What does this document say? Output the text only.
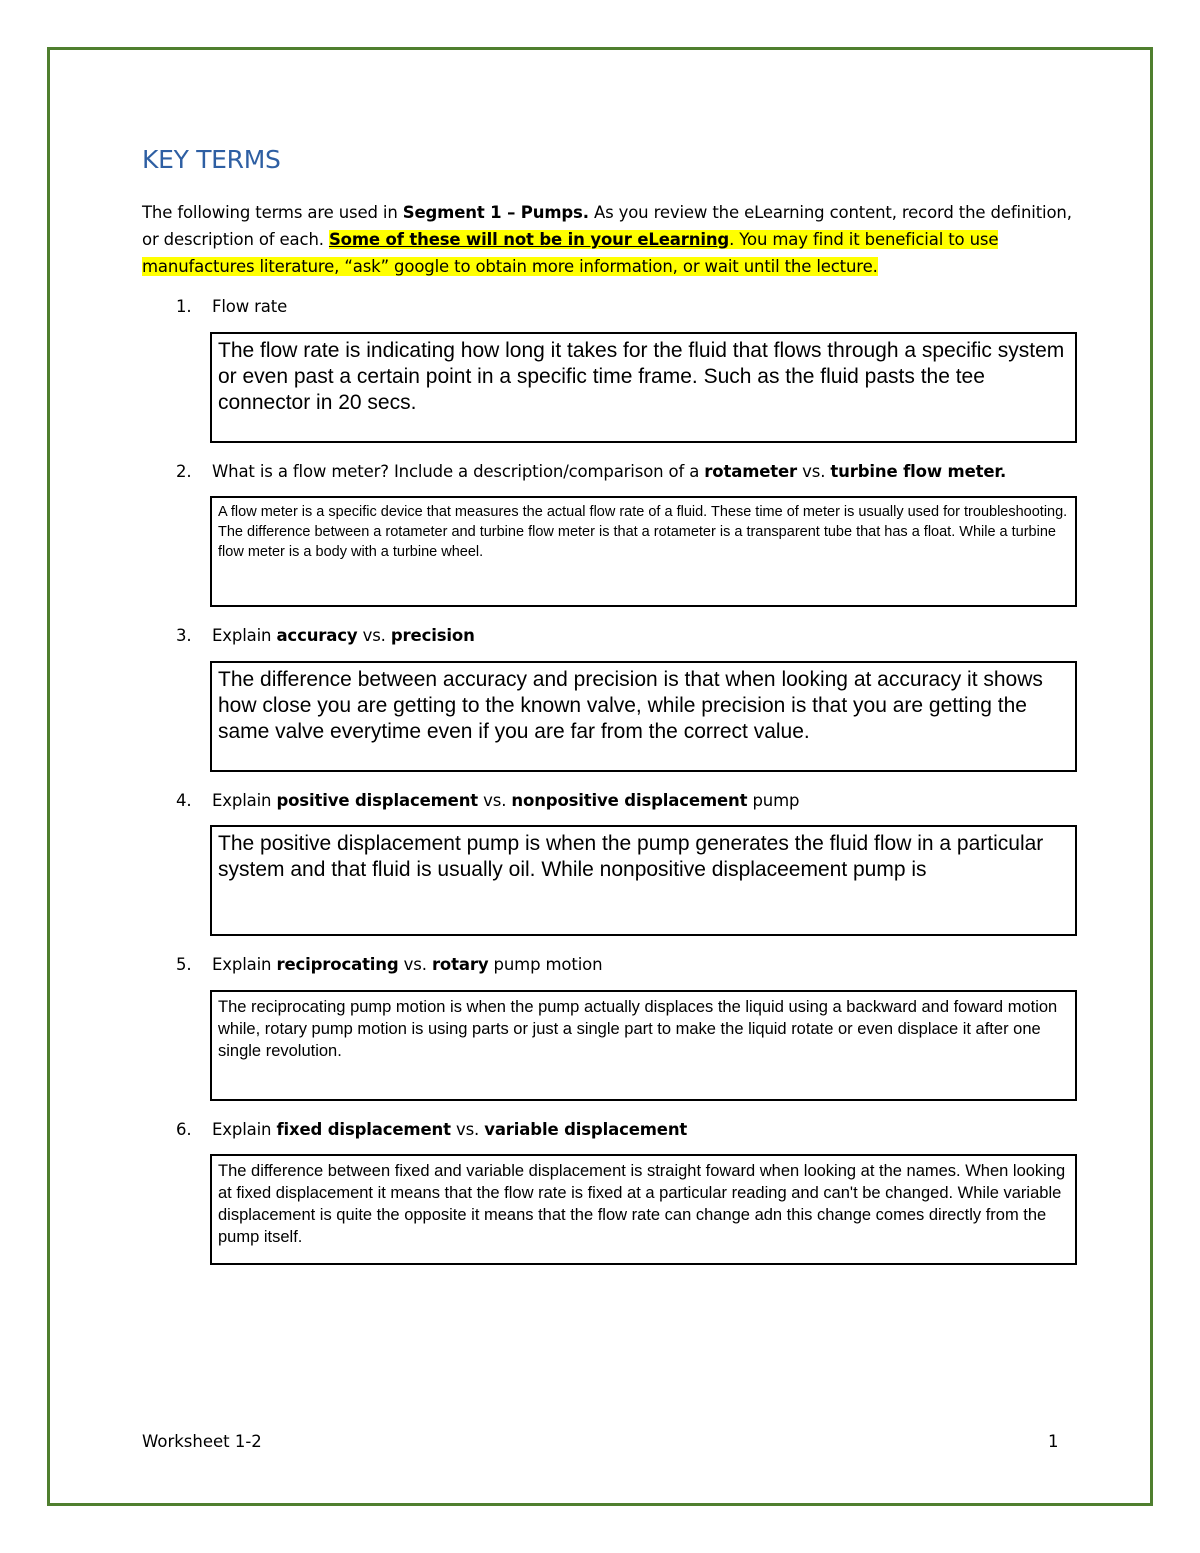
KEY TERMS

The following terms are used in Segment 1 – Pumps. As you review the eLearning content, record the definition, or description of each. Some of these will not be in your eLearning. You may find it beneficial to use manufactures literature, “ask” google to obtain more information, or wait until the lecture.

1. Flow rate
The flow rate is indicating how long it takes for the fluid that flows through a specific system or even past a certain point in a specific time frame. Such as the fluid pasts the tee connector in 20 secs.
2. What is a flow meter? Include a description/comparison of a rotameter vs. turbine flow meter.
A flow meter is a specific device that measures the actual flow rate of a fluid. These time of meter is usually used for troubleshooting. The difference between a rotameter and turbine flow meter is that a rotameter is a transparent tube that has a float. While a turbine flow meter is a body with a turbine wheel.
3. Explain accuracy vs. precision
The difference between accuracy and precision is that when looking at accuracy it shows how close you are getting to the known valve, while precision is that you are getting the same valve everytime even if you are far from the correct value.
4. Explain positive displacement vs. nonpositive displacement pump
The positive displacement pump is when the pump generates the fluid flow in a particular system and that fluid is usually oil. While nonpositive displaceement pump is
5. Explain reciprocating vs. rotary pump motion
The reciprocating pump motion is when the pump actually displaces the liquid using a backward and foward motion while, rotary pump motion is using parts or just a single part to make the liquid rotate or even displace it after one single revolution.
6. Explain fixed displacement vs. variable displacement
The difference between fixed and variable displacement is straight foward when looking at the names. When looking at fixed displacement it means that the flow rate is fixed at a particular reading and can't be changed. While variable displacement is quite the opposite it means that the flow rate can change adn this change comes directly from the pump itself.
Worksheet 1-2	1
